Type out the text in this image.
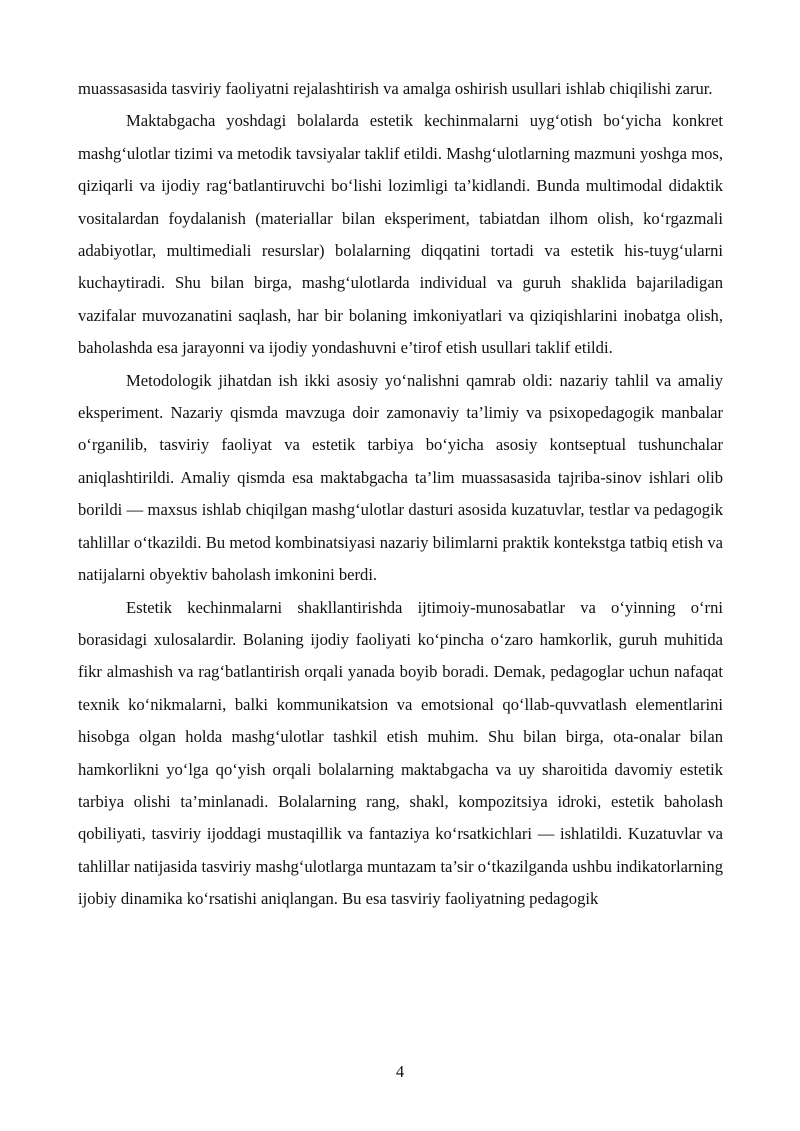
muassasasida tasviriy faoliyatni rejalashtirish va amalga oshirish usullari ishlab chiqilishi zarur.

Maktabgacha yoshdagi bolalarda estetik kechinmalarni uyg‘otish bo‘yicha konkret mashg‘ulotlar tizimi va metodik tavsiyalar taklif etildi. Mashg‘ulotlarning mazmuni yoshga mos, qiziqarli va ijodiy rag‘batlantiruvchi bo‘lishi lozimligi ta’kidlandi. Bunda multimodal didaktik vositalardan foydalanish (materiallar bilan eksperiment, tabiatdan ilhom olish, ko‘rgazmali adabiyotlar, multimediali resurslar) bolalarning diqqatini tortadi va estetik his-tuyg‘ularni kuchaytiradi. Shu bilan birga, mashg‘ulotlarda individual va guruh shaklida bajariladigan vazifalar muvozanatini saqlash, har bir bolaning imkoniyatlari va qiziqishlarini inobatga olish, baholashda esa jarayonni va ijodiy yondashuvni e’tirof etish usullari taklif etildi.

Metodologik jihatdan ish ikki asosiy yo‘nalishni qamrab oldi: nazariy tahlil va amaliy eksperiment. Nazariy qismda mavzuga doir zamonaviy ta’limiy va psixopedagogik manbalar o‘rganilib, tasviriy faoliyat va estetik tarbiya bo‘yicha asosiy kontseptual tushunchalar aniqlashtirildi. Amaliy qismda esa maktabgacha ta’lim muassasasida tajriba-sinov ishlari olib borildi — maxsus ishlab chiqilgan mashg‘ulotlar dasturi asosida kuzatuvlar, testlar va pedagogik tahlillar o‘tkazildi. Bu metod kombinatsiyasi nazariy bilimlarni praktik kontekstga tatbiq etish va natijalarni obyektiv baholash imkonini berdi.

Estetik kechinmalarni shakllantirishda ijtimoiy-munosabatlar va o‘yinning o‘rni borasidagi xulosalardir. Bolaning ijodiy faoliyati ko‘pincha o‘zaro hamkorlik, guruh muhitida fikr almashish va rag‘batlantirish orqali yanada boyib boradi. Demak, pedagoglar uchun nafaqat texnik ko‘nikmalarni, balki kommunikatsion va emotsional qo‘llab-quvvatlash elementlarini hisobga olgan holda mashg‘ulotlar tashkil etish muhim. Shu bilan birga, ota-onalar bilan hamkorlikni yo‘lga qo‘yish orqali bolalarning maktabgacha va uy sharoitida davomiy estetik tarbiya olishi ta’minlanadi. Bolalarning rang, shakl, kompozitsiya idroki, estetik baholash qobiliyati, tasviriy ijoddagi mustaqillik va fantaziya ko‘rsatkichlari — ishlatildi. Kuzatuvlar va tahlillar natijasida tasviriy mashg‘ulotlarga muntazam ta’sir o‘tkazilganda ushbu indikatorlarning ijobiy dinamika ko‘rsatishi aniqlangan. Bu esa tasviriy faoliyatning pedagogik

4
